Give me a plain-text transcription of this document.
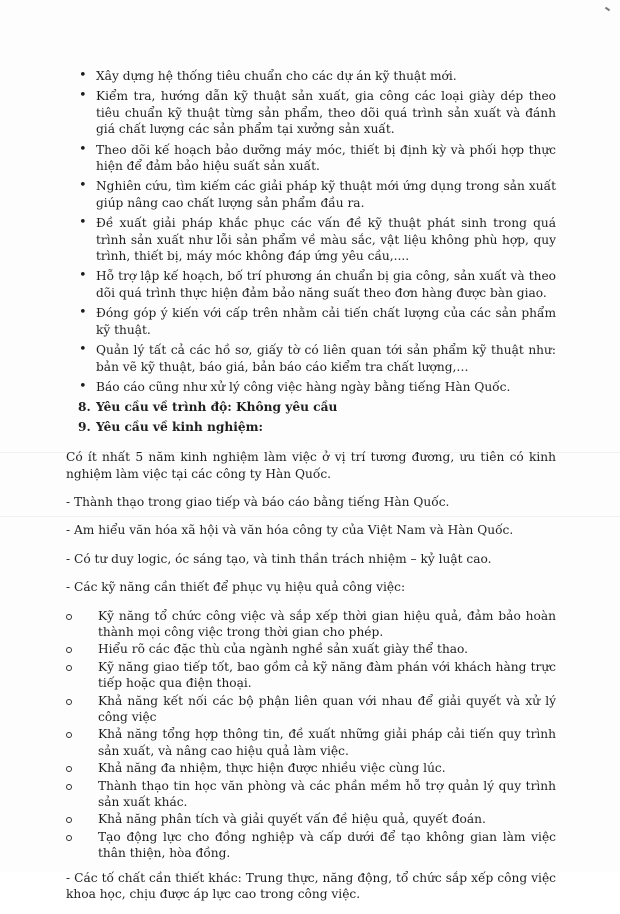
• Xây dựng hệ thống tiêu chuẩn cho các dự án kỹ thuật mới.
• Kiểm tra, hướng dẫn kỹ thuật sản xuất, gia công các loại giày dép theo tiêu chuẩn kỹ thuật từng sản phẩm, theo dõi quá trình sản xuất và đánh giá chất lượng các sản phẩm tại xưởng sản xuất.
• Theo dõi kế hoạch bảo dưỡng máy móc, thiết bị định kỳ và phối hợp thực hiện để đảm bảo hiệu suất sản xuất.
• Nghiên cứu, tìm kiếm các giải pháp kỹ thuật mới ứng dụng trong sản xuất giúp nâng cao chất lượng sản phẩm đầu ra.
• Đề xuất giải pháp khắc phục các vấn đề kỹ thuật phát sinh trong quá trình sản xuất như lỗi sản phẩm về màu sắc, vật liệu không phù hợp, quy trình, thiết bị, máy móc không đáp ứng yêu cầu,....
• Hỗ trợ lập kế hoạch, bố trí phương án chuẩn bị gia công, sản xuất và theo dõi quá trình thực hiện đảm bảo năng suất theo đơn hàng được bàn giao.
• Đóng góp ý kiến với cấp trên nhằm cải tiến chất lượng của các sản phẩm kỹ thuật.
• Quản lý tất cả các hồ sơ, giấy tờ có liên quan tới sản phẩm kỹ thuật như: bản vẽ kỹ thuật, báo giá, bản báo cáo kiểm tra chất lượng,…
• Báo cáo cũng như xử lý công việc hàng ngày bằng tiếng Hàn Quốc.
8. Yêu cầu về trình độ: Không yêu cầu
9. Yêu cầu về kinh nghiệm:

Có ít nhất 5 năm kinh nghiệm làm việc ở vị trí tương đương, ưu tiên có kinh nghiệm làm việc tại các công ty Hàn Quốc.

- Thành thạo trong giao tiếp và báo cáo bằng tiếng Hàn Quốc.

- Am hiểu văn hóa xã hội và văn hóa công ty của Việt Nam và Hàn Quốc.

- Có tư duy logic, óc sáng tạo, và tinh thần trách nhiệm – kỷ luật cao.

- Các kỹ năng cần thiết để phục vụ hiệu quả công việc:

Kỹ năng tổ chức công việc và sắp xếp thời gian hiệu quả, đảm bảo hoàn thành mọi công việc trong thời gian cho phép.
Hiểu rõ các đặc thù của ngành nghề sản xuất giày thể thao.
Kỹ năng giao tiếp tốt, bao gồm cả kỹ năng đàm phán với khách hàng trực tiếp hoặc qua điện thoại.
Khả năng kết nối các bộ phận liên quan với nhau để giải quyết và xử lý công việc
Khả năng tổng hợp thông tin, đề xuất những giải pháp cải tiến quy trình sản xuất, và nâng cao hiệu quả làm việc.
Khả năng đa nhiệm, thực hiện được nhiều việc cùng lúc.
Thành thạo tin học văn phòng và các phần mềm hỗ trợ quản lý quy trình sản xuất khác.
Khả năng phân tích và giải quyết vấn đề hiệu quả, quyết đoán.
Tạo động lực cho đồng nghiệp và cấp dưới để tạo không gian làm việc thân thiện, hòa đồng.

- Các tố chất cần thiết khác: Trung thực, năng động, tổ chức sắp xếp công việc khoa học, chịu được áp lực cao trong công việc.
